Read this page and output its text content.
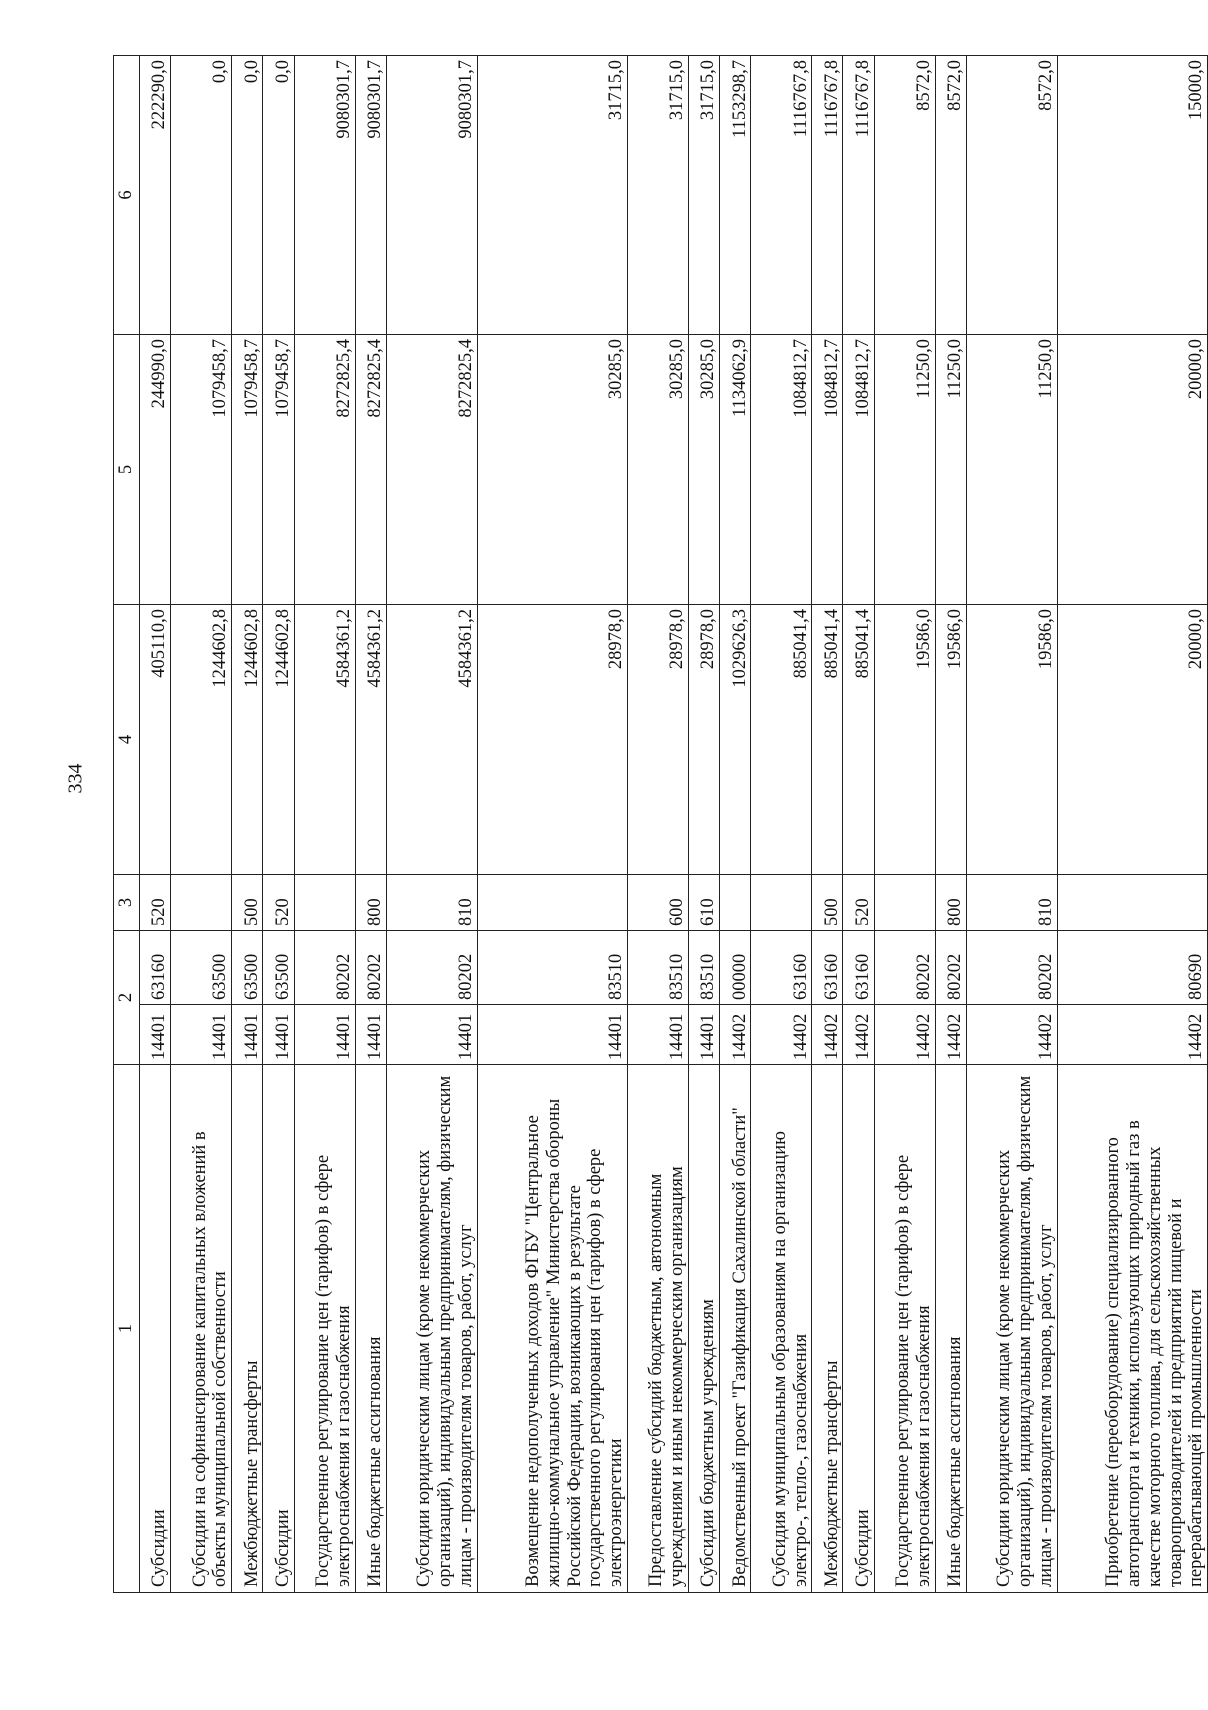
334
1	2		3	4	5	6
Субсидии	14401	63160	520	405110,0	244990,0	222290,0
Субсидии на софинансирование капитальных вложений в объекты муниципальной собственности	14401	63500		1244602,8	1079458,7	0,0
Межбюджетные трансферты	14401	63500	500	1244602,8	1079458,7	0,0
Субсидии	14401	63500	520	1244602,8	1079458,7	0,0
Государственное регулирование цен (тарифов) в сфере электроснабжения и газоснабжения	14401	80202		4584361,2	8272825,4	9080301,7
Иные бюджетные ассигнования	14401	80202	800	4584361,2	8272825,4	9080301,7
Субсидии юридическим лицам (кроме некоммерческих организаций), индивидуальным предпринимателям, физическим лицам - производителям товаров, работ, услуг	14401	80202	810	4584361,2	8272825,4	9080301,7
Возмещение недополученных доходов ФГБУ "Центральное жилищно-коммунальное управление" Министерства обороны Российской Федерации, возникающих в результате государственного регулирования цен (тарифов) в сфере электроэнергетики	14401	83510		28978,0	30285,0	31715,0
Предоставление субсидий бюджетным, автономным учреждениям и иным некоммерческим организациям	14401	83510	600	28978,0	30285,0	31715,0
Субсидии бюджетным учреждениям	14401	83510	610	28978,0	30285,0	31715,0
Ведомственный проект "Газификация Сахалинской области"	14402	00000		1029626,3	1134062,9	1153298,7
Субсидия муниципальным образованиям на организацию электро-, тепло-, газоснабжения	14402	63160		885041,4	1084812,7	1116767,8
Межбюджетные трансферты	14402	63160	500	885041,4	1084812,7	1116767,8
Субсидии	14402	63160	520	885041,4	1084812,7	1116767,8
Государственное регулирование цен (тарифов) в сфере электроснабжения и газоснабжения	14402	80202		19586,0	11250,0	8572,0
Иные бюджетные ассигнования	14402	80202	800	19586,0	11250,0	8572,0
Субсидии юридическим лицам (кроме некоммерческих организаций), индивидуальным предпринимателям, физическим лицам - производителям товаров, работ, услуг	14402	80202	810	19586,0	11250,0	8572,0
Приобретение (переоборудование) специализированного автотранспорта и техники, использующих природный газ в качестве моторного топлива, для сельскохозяйственных товаропроизводителей и предприятий пищевой и перерабатывающей промышленности	14402	80690		20000,0	20000,0	15000,0
